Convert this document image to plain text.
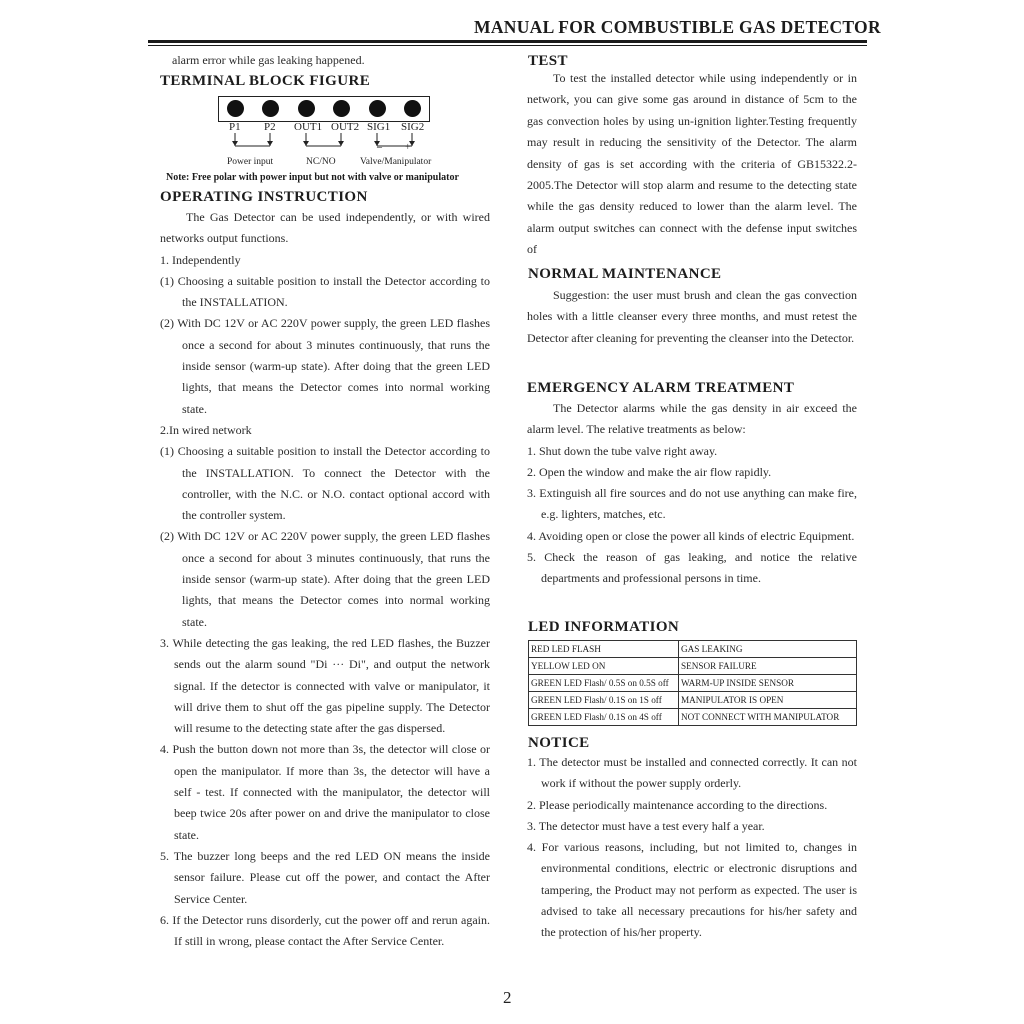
MANUAL FOR COMBUSTIBLE GAS DETECTOR
alarm error while gas leaking happened.
TERMINAL BLOCK FIGURE
P1 P2 OUT1 OUT2 SIG1 SIG2
– +
Power input	NC/NO	Valve/Manipulator
Note: Free polar with power input but not with valve or manipulator
OPERATING INSTRUCTION
The Gas Detector can be used independently, or with wired networks output functions.
1. Independently
(1) Choosing a suitable position to install the Detector according to the INSTALLATION.
(2) With DC 12V or AC 220V power supply, the green LED flashes once a second for about 3 minutes continuously, that runs the inside sensor (warm-up state). After doing that the green LED lights, that means the Detector comes into normal working state.
2.In wired network
(1) Choosing a suitable position to install the Detector according to the INSTALLATION. To connect the Detector with the controller, with the N.C. or N.O. contact optional accord with the controller system.
(2) With DC 12V or AC 220V power supply, the green LED flashes once a second for about 3 minutes continuously, that runs the inside sensor (warm-up state). After doing that the green LED lights, that means the Detector comes into normal working state.
3. While detecting the gas leaking, the red LED flashes, the Buzzer sends out the alarm sound "Di ··· Di", and output the network signal. If the detector is connected with valve or manipulator, it will drive them to shut off the gas pipeline supply. The Detector will resume to the detecting state after the gas dispersed.
4. Push the button down not more than 3s, the detector will close or open the manipulator. If more than 3s, the detector will have a self - test. If connected with the manipulator, the detector will beep twice 20s after power on and drive the manipulator to close state.
5. The buzzer long beeps and the red LED ON means the inside sensor failure. Please cut off the power, and contact the After Service Center.
6. If the Detector runs disorderly, cut the power off and rerun again. If still in wrong, please contact the After Service Center.
TEST
To test the installed detector while using independently or in network, you can give some gas around in distance of 5cm to the gas convection holes by using un-ignition lighter.Testing frequently may result in reducing the sensitivity of the Detector. The alarm density of gas is set according with the criteria of GB15322.2-2005.The Detector will stop alarm and resume to the detecting state while the gas density reduced to lower than the alarm level. The alarm output switches can connect with the defense input switches of
NORMAL MAINTENANCE
Suggestion: the user must brush and clean the gas convection holes with a little cleanser every three months, and must retest the Detector after cleaning for preventing the cleanser into the Detector.
EMERGENCY ALARM TREATMENT
The Detector alarms while the gas density in air exceed the alarm level. The relative treatments as below:
1. Shut down the tube valve right away.
2. Open the window and make the air flow rapidly.
3. Extinguish all fire sources and do not use anything can make fire, e.g. lighters, matches, etc.
4. Avoiding open or close the power all kinds of electric Equipment.
5. Check the reason of gas leaking, and notice the relative departments and professional persons in time.
LED INFORMATION
RED LED FLASH	GAS LEAKING
YELLOW LED ON	SENSOR FAILURE
GREEN LED Flash/ 0.5S on 0.5S off	WARM-UP INSIDE SENSOR
GREEN LED Flash/ 0.1S on 1S off	MANIPULATOR IS OPEN
GREEN LED Flash/ 0.1S on 4S off	NOT CONNECT WITH MANIPULATOR
NOTICE
1. The detector must be installed and connected correctly. It can not work if without the power supply orderly.
2. Please periodically maintenance according to the directions.
3. The detector must have a test every half a year.
4. For various reasons, including, but not limited to, changes in environmental conditions, electric or electronic disruptions and tampering, the Product may not perform as expected. The user is advised to take all necessary precautions for his/her safety and the protection of his/her property.
2
